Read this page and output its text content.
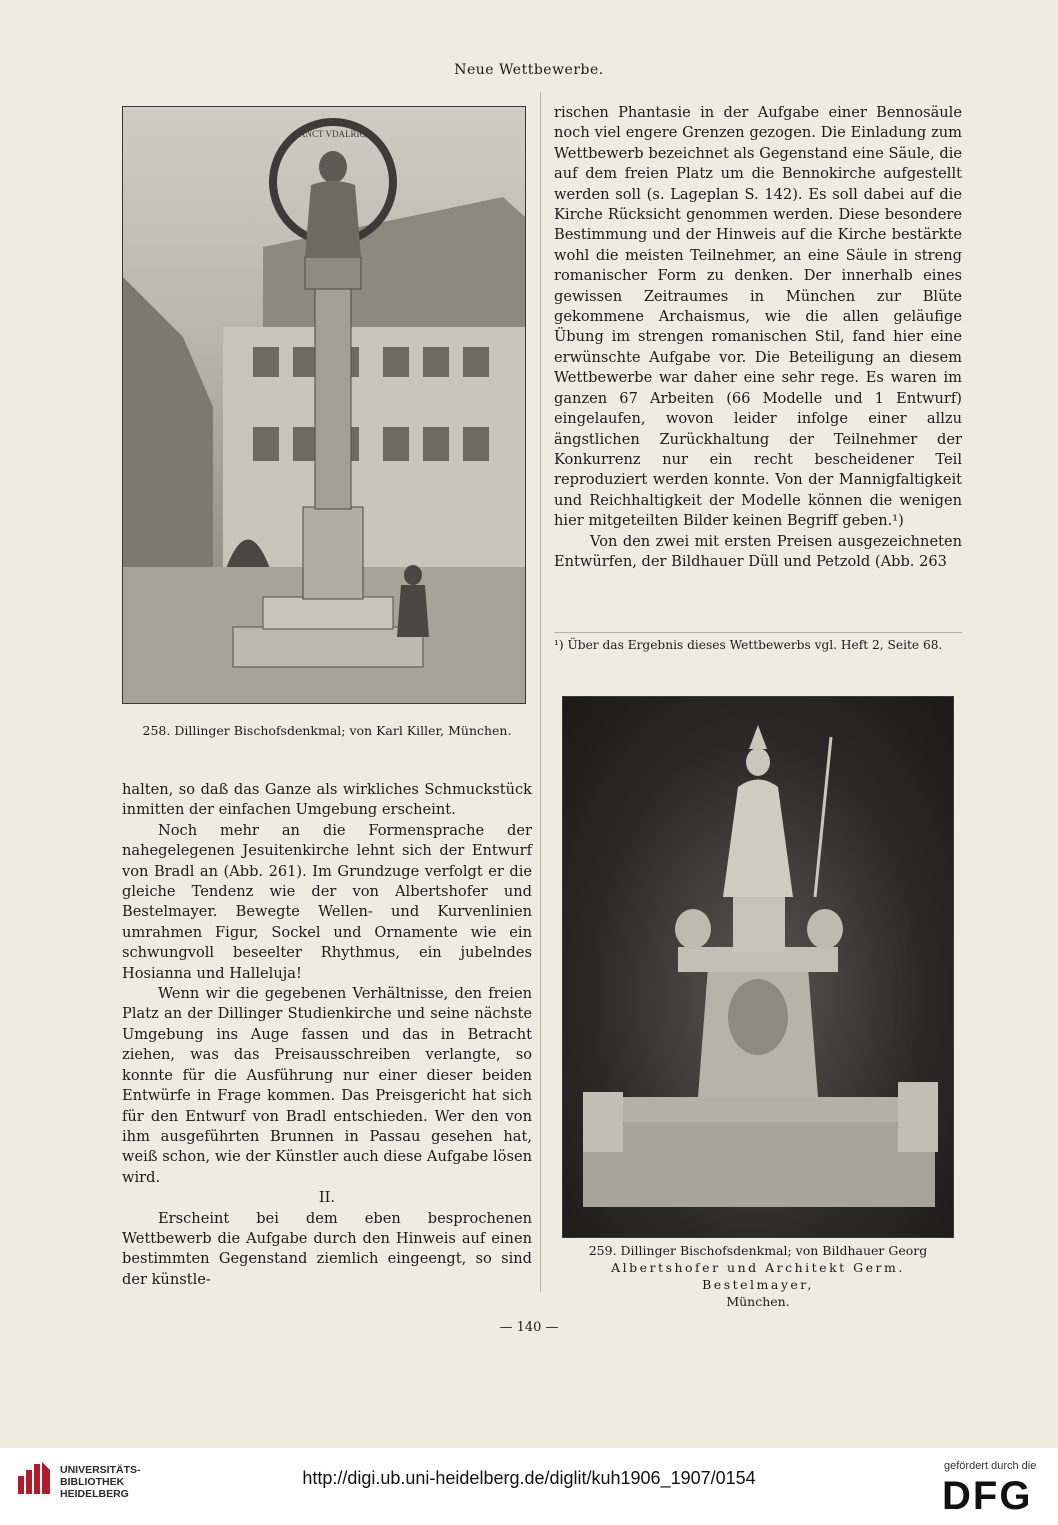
Neue Wettbewerbe.
SANCT VDALRICH
258. Dillinger Bischofsdenkmal; von Karl Killer, München.
259. Dillinger Bischofsdenkmal; von Bildhauer Georg
Albertshofer und Architekt Germ. Bestelmayer,
München.

halten, so daß das Ganze als wirkliches Schmuckstück inmitten der einfachen Umgebung erscheint.

Noch mehr an die Formensprache der nahegelegenen Jesuitenkirche lehnt sich der Entwurf von Bradl an (Abb. 261). Im Grundzuge verfolgt er die gleiche Tendenz wie der von Albertshofer und Bestelmayer. Bewegte Wellen- und Kurvenlinien umrahmen Figur, Sockel und Ornamente wie ein schwungvoll beseelter Rhythmus, ein jubelndes Hosianna und Halleluja!

Wenn wir die gegebenen Verhältnisse, den freien Platz an der Dillinger Studienkirche und seine nächste Umgebung ins Auge fassen und das in Betracht ziehen, was das Preisausschreiben verlangte, so konnte für die Ausführung nur einer dieser beiden Entwürfe in Frage kommen. Das Preisgericht hat sich für den Entwurf von Bradl entschieden. Wer den von ihm ausgeführten Brunnen in Passau gesehen hat, weiß schon, wie der Künstler auch diese Aufgabe lösen wird.

II.

Erscheint bei dem eben besprochenen Wettbewerb die Aufgabe durch den Hinweis auf einen bestimmten Gegenstand ziemlich eingeengt, so sind der künstle-

rischen Phantasie in der Aufgabe einer Bennosäule noch viel engere Grenzen gezogen. Die Einladung zum Wettbewerb bezeichnet als Gegenstand eine Säule, die auf dem freien Platz um die Bennokirche aufgestellt werden soll (s. Lageplan S. 142). Es soll dabei auf die Kirche Rücksicht genommen werden. Diese besondere Bestimmung und der Hinweis auf die Kirche bestärkte wohl die meisten Teilnehmer, an eine Säule in streng romanischer Form zu denken. Der innerhalb eines gewissen Zeitraumes in München zur Blüte gekommene Archaismus, wie die allen geläufige Übung im strengen romanischen Stil, fand hier eine erwünschte Aufgabe vor. Die Beteiligung an diesem Wettbewerbe war daher eine sehr rege. Es waren im ganzen 67 Arbeiten (66 Modelle und 1 Entwurf) eingelaufen, wovon leider infolge einer allzu ängstlichen Zurückhaltung der Teilnehmer der Konkurrenz nur ein recht bescheidener Teil reproduziert werden konnte. Von der Mannigfaltigkeit und Reichhaltigkeit der Modelle können die wenigen hier mitgeteilten Bilder keinen Begriff geben.¹)

Von den zwei mit ersten Preisen ausgezeichneten Entwürfen, der Bildhauer Düll und Petzold (Abb. 263

¹) Über das Ergebnis dieses Wettbewerbs vgl. Heft 2, Seite 68.
— 140 —
UNIVERSITÄTS-
BIBLIOTHEK
HEIDELBERG
http://digi.ub.uni-heidelberg.de/diglit/kuh1906_1907/0154
gefördert durch die
DFG
